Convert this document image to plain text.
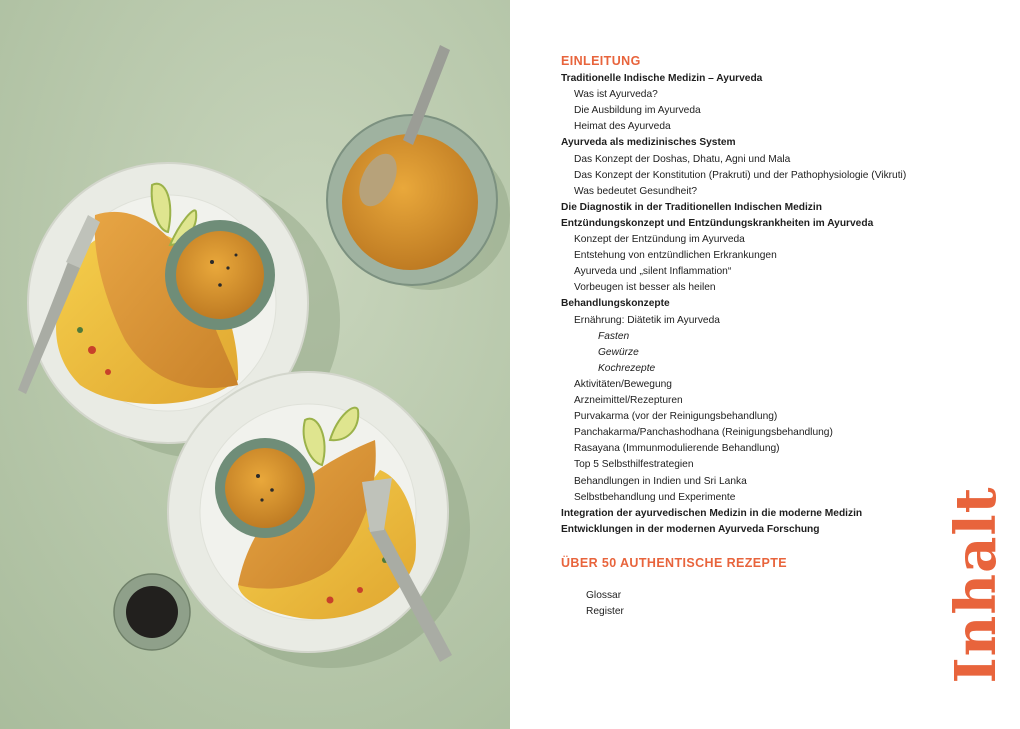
EINLEITUNG
Traditionelle Indische Medizin – Ayurveda
Was ist Ayurveda?
Die Ausbildung im Ayurveda
Heimat des Ayurveda
Ayurveda als medizinisches System
Das Konzept der Doshas, Dhatu, Agni und Mala
Das Konzept der Konstitution (Prakruti) und der Pathophysiologie (Vikruti)
Was bedeutet Gesundheit?
Die Diagnostik in der Traditionellen Indischen Medizin
Entzündungskonzept und Entzündungskrankheiten im Ayurveda
Konzept der Entzündung im Ayurveda
Entstehung von entzündlichen Erkrankungen
Ayurveda und „silent Inflammation“
Vorbeugen ist besser als heilen
Behandlungskonzepte
Ernährung: Diätetik im Ayurveda
Fasten
Gewürze
Kochrezepte
Aktivitäten/Bewegung
Arzneimittel/Rezepturen
Purvakarma (vor der Reinigungsbehandlung)
Panchakarma/Panchashodhana (Reinigungsbehandlung)
Rasayana (Immunmodulierende Behandlung)
Top 5 Selbsthilfestrategien
Behandlungen in Indien und Sri Lanka
Selbstbehandlung und Experimente
Integration der ayurvedischen Medizin in die moderne Medizin
Entwicklungen in der modernen Ayurveda Forschung
ÜBER 50 AUTHENTISCHE REZEPTE
Glossar
Register	Inhalt
